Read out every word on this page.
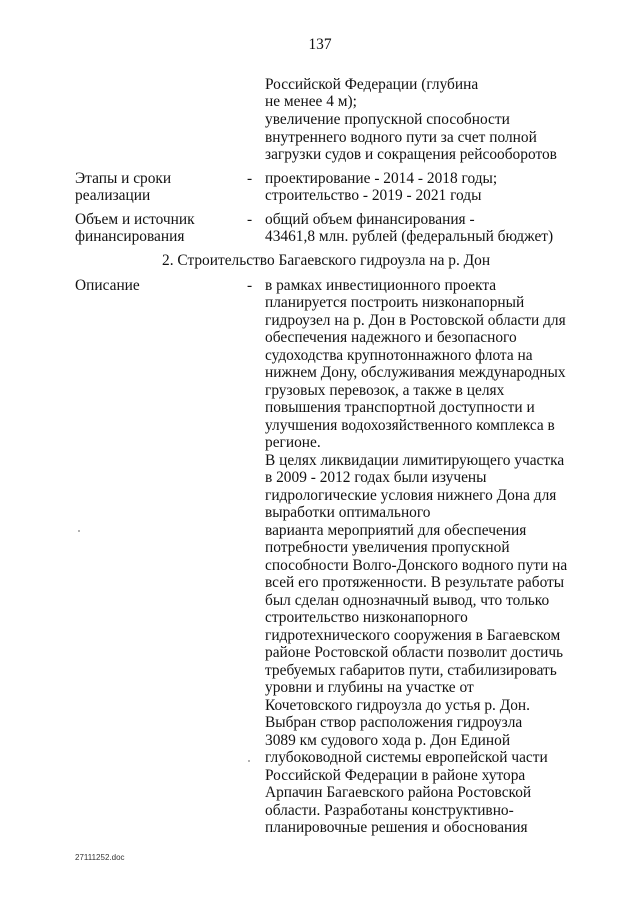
137
Российской Федерации (глубина
не менее 4 м);
увеличение пропускной способности
внутреннего водного пути за счет полной
загрузки судов и сокращения рейсооборотов
Этапы и сроки
реализации
- проектирование - 2014 - 2018 годы;
строительство - 2019 - 2021 годы
Объем и источник
финансирования
- общий объем финансирования -
43461,8 млн. рублей (федеральный бюджет)
2. Строительство Багаевского гидроузла на р. Дон
Описание	- в рамках инвестиционного проекта
планируется построить низконапорный
гидроузел на р. Дон в Ростовской области для
обеспечения надежного и безопасного
судоходства крупнотоннажного флота на
нижнем Дону, обслуживания международных
грузовых перевозок, а также в целях
повышения транспортной доступности и
улучшения водохозяйственного комплекса в
регионе.
В целях ликвидации лимитирующего участка
в 2009 - 2012 годах были изучены
гидрологические условия нижнего Дона для
выработки оптимального
варианта мероприятий для обеспечения
потребности увеличения пропускной
способности Волго-Донского водного пути на
всей его протяженности. В результате работы
был сделан однозначный вывод, что только
строительство низконапорного
гидротехнического сооружения в Багаевском
районе Ростовской области позволит достичь
требуемых габаритов пути, стабилизировать
уровни и глубины на участке от
Кочетовского гидроузла до устья р. Дон.
Выбран створ расположения гидроузла
3089 км судового хода р. Дон Единой
глубоководной системы европейской части
Российской Федерации в районе хутора
Арпачин Багаевского района Ростовской
области. Разработаны конструктивно-
планировочные решения и обоснования
27111252.doc
